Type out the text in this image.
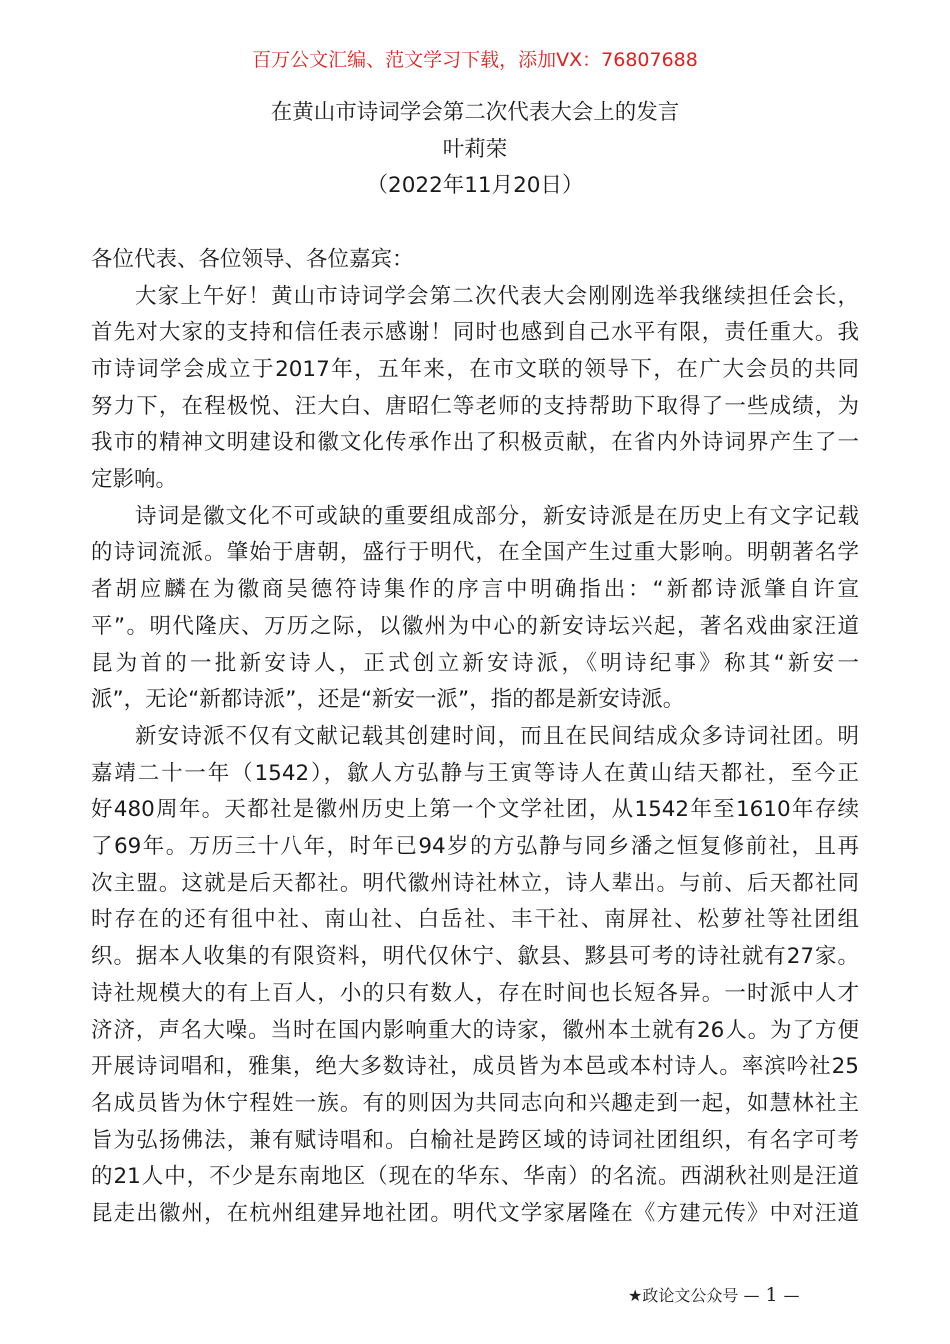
百万公文汇编、范文学习下载，添加VX：76807688
在黄山市诗词学会第二次代表大会上的发言
叶莉荣
（2022年11月20日）
各位代表、各位领导、各位嘉宾：
大家上午好！黄山市诗词学会第二次代表大会刚刚选举我继续担任会长，
首先对大家的支持和信任表示感谢！同时也感到自己水平有限，责任重大。我
市诗词学会成立于2017年，五年来，在市文联的领导下，在广大会员的共同
努力下，在程极悦、汪大白、唐昭仁等老师的支持帮助下取得了一些成绩，为
我市的精神文明建设和徽文化传承作出了积极贡献，在省内外诗词界产生了一
定影响。
诗词是徽文化不可或缺的重要组成部分，新安诗派是在历史上有文字记载
的诗词流派。肇始于唐朝，盛行于明代，在全国产生过重大影响。明朝著名学
者胡应麟在为徽商吴德符诗集作的序言中明确指出：“新都诗派肇自许宣
平”。明代隆庆、万历之际，以徽州为中心的新安诗坛兴起，著名戏曲家汪道
昆为首的一批新安诗人，正式创立新安诗派，《明诗纪事》称其“新安一
派”，无论“新都诗派”，还是“新安一派”，指的都是新安诗派。
新安诗派不仅有文献记载其创建时间，而且在民间结成众多诗词社团。明
嘉靖二十一年（1542），歙人方弘静与王寅等诗人在黄山结天都社，至今正
好480周年。天都社是徽州历史上第一个文学社团，从1542年至1610年存续
了69年。万历三十八年，时年已94岁的方弘静与同乡潘之恒复修前社，且再
次主盟。这就是后天都社。明代徽州诗社林立，诗人辈出。与前、后天都社同
时存在的还有徂中社、南山社、白岳社、丰干社、南屏社、松萝社等社团组
织。据本人收集的有限资料，明代仅休宁、歙县、黟县可考的诗社就有27家。
诗社规模大的有上百人，小的只有数人，存在时间也长短各异。一时派中人才
济济，声名大噪。当时在国内影响重大的诗家，徽州本土就有26人。为了方便
开展诗词唱和，雅集，绝大多数诗社，成员皆为本邑或本村诗人。率滨吟社25
名成员皆为休宁程姓一族。有的则因为共同志向和兴趣走到一起，如慧林社主
旨为弘扬佛法，兼有赋诗唱和。白榆社是跨区域的诗词社团组织，有名字可考
的21人中，不少是东南地区（现在的华东、华南）的名流。西湖秋社则是汪道
昆走出徽州，在杭州组建异地社团。明代文学家屠隆在《方建元传》中对汪道
★政论文公众号 — 1 —
